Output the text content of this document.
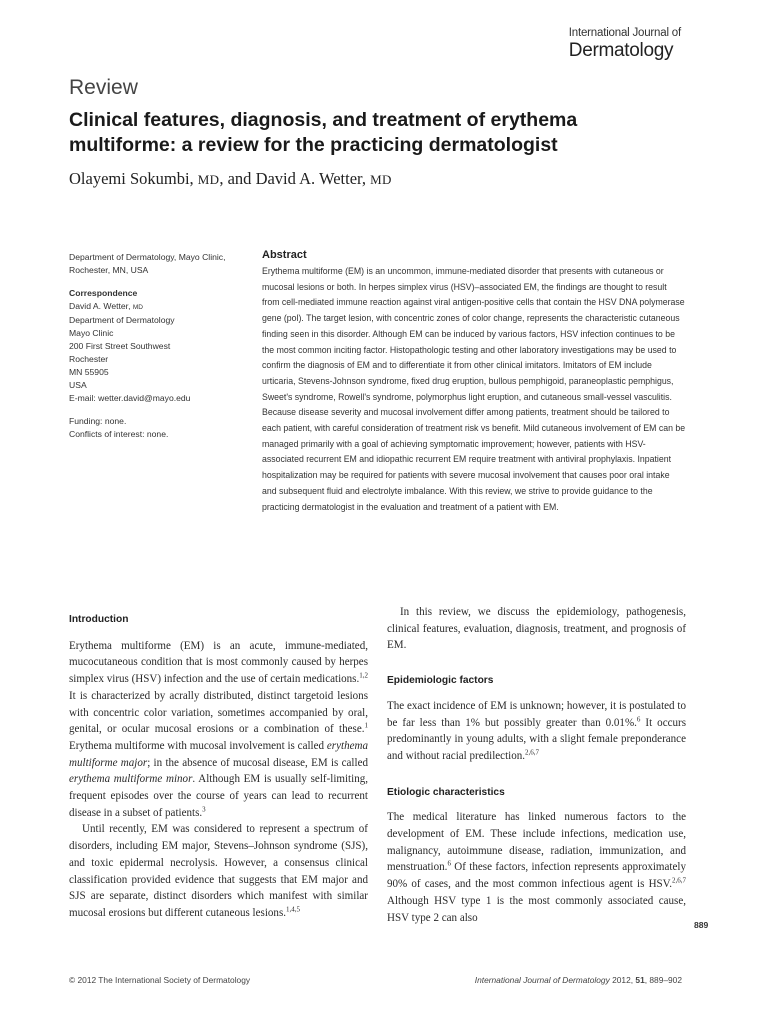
International Journal of
Dermatology
Review
Clinical features, diagnosis, and treatment of erythema multiforme: a review for the practicing dermatologist
Olayemi Sokumbi, MD, and David A. Wetter, MD
Department of Dermatology, Mayo Clinic, Rochester, MN, USA
Correspondence
David A. Wetter, MD
Department of Dermatology
Mayo Clinic
200 First Street Southwest
Rochester
MN 55905
USA
E-mail: wetter.david@mayo.edu
Funding: none.
Conflicts of interest: none.
Abstract
Erythema multiforme (EM) is an uncommon, immune-mediated disorder that presents with cutaneous or mucosal lesions or both. In herpes simplex virus (HSV)–associated EM, the findings are thought to result from cell-mediated immune reaction against viral antigen-positive cells that contain the HSV DNA polymerase gene (pol). The target lesion, with concentric zones of color change, represents the characteristic cutaneous finding seen in this disorder. Although EM can be induced by various factors, HSV infection continues to be the most common inciting factor. Histopathologic testing and other laboratory investigations may be used to confirm the diagnosis of EM and to differentiate it from other clinical imitators. Imitators of EM include urticaria, Stevens-Johnson syndrome, fixed drug eruption, bullous pemphigoid, paraneoplastic pemphigus, Sweet's syndrome, Rowell's syndrome, polymorphus light eruption, and cutaneous small-vessel vasculitis. Because disease severity and mucosal involvement differ among patients, treatment should be tailored to each patient, with careful consideration of treatment risk vs benefit. Mild cutaneous involvement of EM can be managed primarily with a goal of achieving symptomatic improvement; however, patients with HSV-associated recurrent EM and idiopathic recurrent EM require treatment with antiviral prophylaxis. Inpatient hospitalization may be required for patients with severe mucosal involvement that causes poor oral intake and subsequent fluid and electrolyte imbalance. With this review, we strive to provide guidance to the practicing dermatologist in the evaluation and treatment of a patient with EM.

Introduction

Erythema multiforme (EM) is an acute, immune-mediated, mucocutaneous condition that is most commonly caused by herpes simplex virus (HSV) infection and the use of certain medications.$^{1,2}$ It is characterized by acrally distributed, distinct targetoid lesions with concentric color variation, sometimes accompanied by oral, genital, or ocular mucosal erosions or a combination of these.$^1$ Erythema multiforme with mucosal involvement is called erythema multiforme major; in the absence of mucosal disease, EM is called erythema multiforme minor. Although EM is usually self-limiting, frequent episodes over the course of years can lead to recurrent disease in a subset of patients.$^3$

Until recently, EM was considered to represent a spectrum of disorders, including EM major, Stevens–Johnson syndrome (SJS), and toxic epidermal necrolysis. However, a consensus clinical classification provided evidence that suggests that EM major and SJS are separate, distinct disorders which manifest with similar mucosal erosions but different cutaneous lesions.$^{1,4,5}$

In this review, we discuss the epidemiology, pathogenesis, clinical features, evaluation, diagnosis, treatment, and prognosis of EM.

Epidemiologic factors

The exact incidence of EM is unknown; however, it is postulated to be far less than 1% but possibly greater than 0.01%.$^6$ It occurs predominantly in young adults, with a slight female preponderance and without racial predilection.$^{2,6,7}$

Etiologic characteristics

The medical literature has linked numerous factors to the development of EM. These include infections, medication use, malignancy, autoimmune disease, radiation, immunization, and menstruation.$^6$ Of these factors, infection represents approximately 90% of cases, and the most common infectious agent is HSV.$^{2,6,7}$ Although HSV type 1 is the most commonly associated cause, HSV type 2 can also

889
© 2012 The International Society of Dermatology	International Journal of Dermatology 2012, 51, 889–902
